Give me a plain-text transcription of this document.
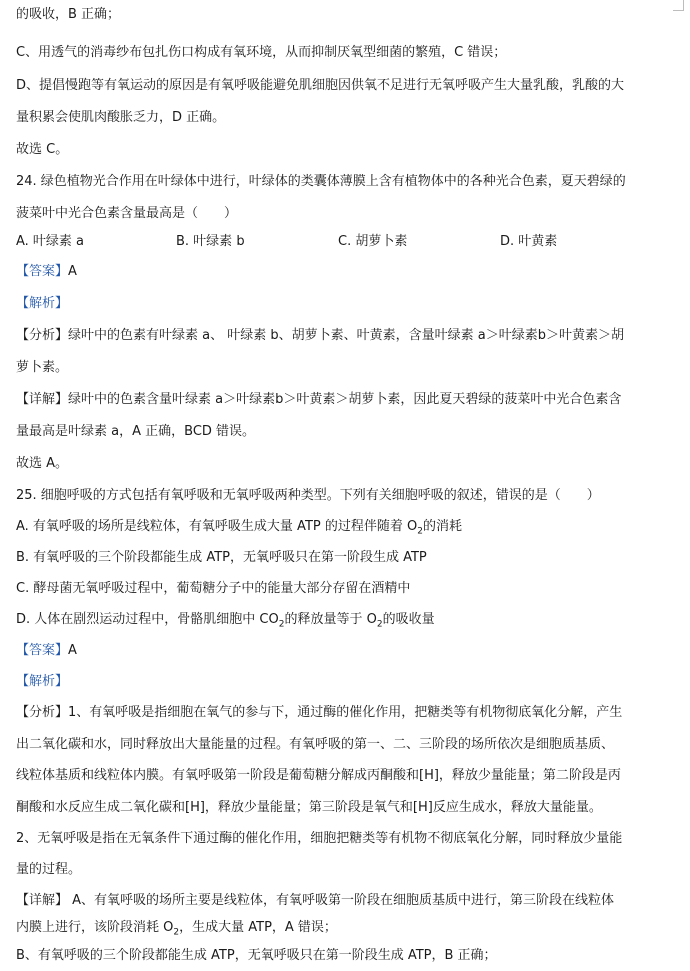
的吸收，B 正确；
C、用透气的消毒纱布包扎伤口构成有氧环境，从而抑制厌氧型细菌的繁殖，C 错误；
D、提倡慢跑等有氧运动的原因是有氧呼吸能避免肌细胞因供氧不足进行无氧呼吸产生大量乳酸，乳酸的大
量积累会使肌肉酸胀乏力，D 正确。
故选 C。
24. 绿色植物光合作用在叶绿体中进行，叶绿体的类囊体薄膜上含有植物体中的各种光合色素，夏天碧绿的
菠菜叶中光合色素含量最高是（　　）
A. 叶绿素 a	B. 叶绿素 b	C. 胡萝卜素	D. 叶黄素
【答案】A
【解析】
【分析】绿叶中的色素有叶绿素 a、 叶绿素 b、胡萝卜素、叶黄素，含量叶绿素 a＞叶绿素b＞叶黄素＞胡
萝卜素。
【详解】绿叶中的色素含量叶绿素 a＞叶绿素b＞叶黄素＞胡萝卜素，因此夏天碧绿的菠菜叶中光合色素含
量最高是叶绿素 a，A 正确，BCD 错误。
故选 A。
25. 细胞呼吸的方式包括有氧呼吸和无氧呼吸两种类型。下列有关细胞呼吸的叙述，错误的是（　　）
A. 有氧呼吸的场所是线粒体，有氧呼吸生成大量 ATP 的过程伴随着 $O_2$的消耗
B. 有氧呼吸的三个阶段都能生成 ATP，无氧呼吸只在第一阶段生成 ATP
C. 酵母菌无氧呼吸过程中，葡萄糖分子中的能量大部分存留在酒精中
D. 人体在剧烈运动过程中，骨骼肌细胞中 $CO_2$的释放量等于 $O_2$的吸收量
【答案】A
【解析】
【分析】1、有氧呼吸是指细胞在氧气的参与下，通过酶的催化作用，把糖类等有机物彻底氧化分解，产生
出二氧化碳和水，同时释放出大量能量的过程。有氧呼吸的第一、二、三阶段的场所依次是细胞质基质、
线粒体基质和线粒体内膜。有氧呼吸第一阶段是葡萄糖分解成丙酮酸和[H]，释放少量能量；第二阶段是丙
酮酸和水反应生成二氧化碳和[H]，释放少量能量；第三阶段是氧气和[H]反应生成水，释放大量能量。
2、无氧呼吸是指在无氧条件下通过酶的催化作用，细胞把糖类等有机物不彻底氧化分解，同时释放少量能
量的过程。
【详解】 A、有氧呼吸的场所主要是线粒体，有氧呼吸第一阶段在细胞质基质中进行，第三阶段在线粒体
内膜上进行，该阶段消耗 $O_2$，生成大量 ATP，A 错误；
B、有氧呼吸的三个阶段都能生成 ATP，无氧呼吸只在第一阶段生成 ATP，B 正确；
